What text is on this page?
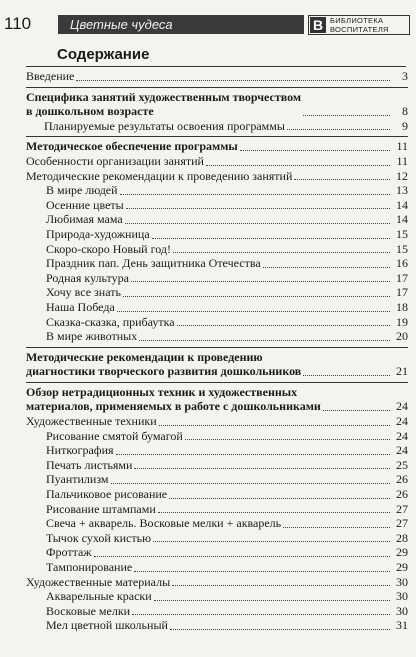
110	Цветные чудеса	В БИБЛИОТЕКА
ВОСПИТАТЕЛЯ
Содержание
Введение	3
Специфика занятий художественным творчеством
в дошкольном возрасте	8
Планируемые результаты освоения программы	9
Методическое обеспечение программы	11
Особенности организации занятий	11
Методические рекомендации к проведению занятий	12
В мире людей	13
Осенние цветы	14
Любимая мама	14
Природа-художница	15
Скоро-скоро Новый год!	15
Праздник пап. День защитника Отечества	16
Родная культура	17
Хочу все знать	17
Наша Победа	18
Сказка-сказка, прибаутка	19
В мире животных	20
Методические рекомендации к проведению
диагностики творческого развития дошкольников	21
Обзор нетрадиционных техник и художественных
материалов, применяемых в работе с дошкольниками	24
Художественные техники	24
Рисование смятой бумагой	24
Ниткография	24
Печать листьями	25
Пуантилизм	26
Пальчиковое рисование	26
Рисование штампами	27
Свеча + акварель. Восковые мелки + акварель	27
Тычок сухой кистью	28
Фроттаж	29
Тампонирование	29
Художественные материалы	30
Акварельные краски	30
Восковые мелки	30
Мел цветной школьный	31
